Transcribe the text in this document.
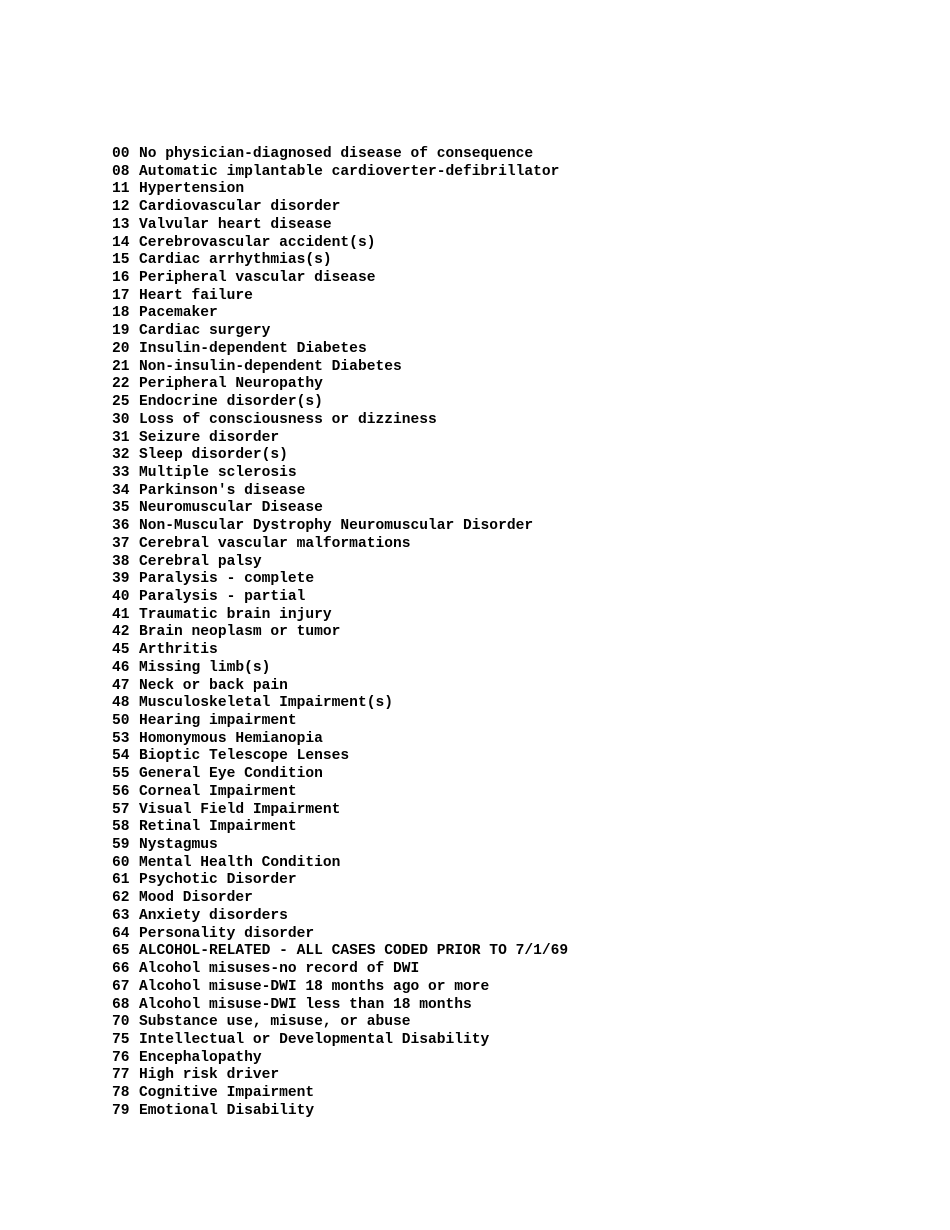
00 No physician-diagnosed disease of consequence
08 Automatic implantable cardioverter-defibrillator
11 Hypertension
12 Cardiovascular disorder
13 Valvular heart disease
14 Cerebrovascular accident(s)
15 Cardiac arrhythmias(s)
16 Peripheral vascular disease
17 Heart failure
18 Pacemaker
19 Cardiac surgery
20 Insulin-dependent Diabetes
21 Non-insulin-dependent Diabetes
22 Peripheral Neuropathy
25 Endocrine disorder(s)
30 Loss of consciousness or dizziness
31 Seizure disorder
32 Sleep disorder(s)
33 Multiple sclerosis
34 Parkinson's disease
35 Neuromuscular Disease
36 Non-Muscular Dystrophy Neuromuscular Disorder
37 Cerebral vascular malformations
38 Cerebral palsy
39 Paralysis - complete
40 Paralysis - partial
41 Traumatic brain injury
42 Brain neoplasm or tumor
45 Arthritis
46 Missing limb(s)
47 Neck or back pain
48 Musculoskeletal Impairment(s)
50 Hearing impairment
53 Homonymous Hemianopia
54 Bioptic Telescope Lenses
55 General Eye Condition
56 Corneal Impairment
57 Visual Field Impairment
58 Retinal Impairment
59 Nystagmus
60 Mental Health Condition
61 Psychotic Disorder
62 Mood Disorder
63 Anxiety disorders
64 Personality disorder
65 ALCOHOL-RELATED - ALL CASES CODED PRIOR TO 7/1/69
66 Alcohol misuses-no record of DWI
67 Alcohol misuse-DWI 18 months ago or more
68 Alcohol misuse-DWI less than 18 months
70 Substance use, misuse, or abuse
75 Intellectual or Developmental Disability
76 Encephalopathy
77 High risk driver
78 Cognitive Impairment
79 Emotional Disability
